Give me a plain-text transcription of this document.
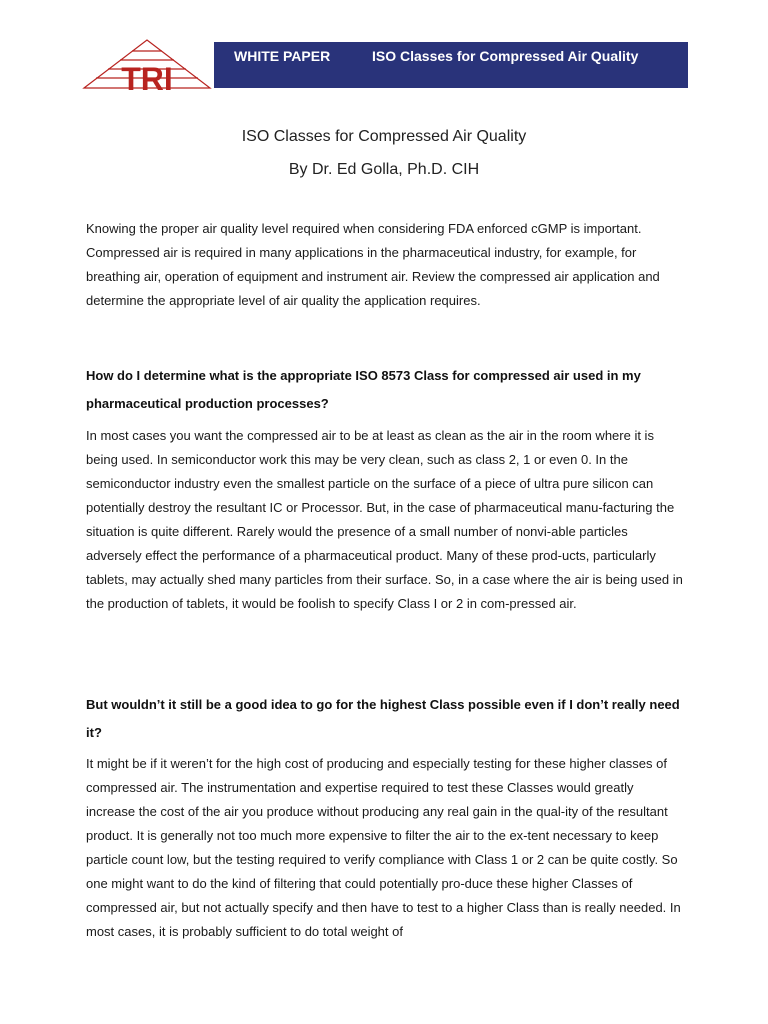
TRI
WHITE PAPER	ISO Classes for Compressed Air Quality
ISO Classes for Compressed Air Quality
By Dr. Ed Golla, Ph.D. CIH

Knowing the proper air quality level required when considering FDA enforced cGMP is important. Compressed air is required in many applications in the pharmaceutical industry, for example, for breathing air, operation of equipment and instrument air. Review the compressed air application and determine the appropriate level of air quality the application requires.

How do I determine what is the appropriate ISO 8573 Class for compressed air used in my pharmaceutical production processes?

In most cases you want the compressed air to be at least as clean as the air in the room where it is being used. In semiconductor work this may be very clean, such as class 2, 1 or even 0. In the semiconductor industry even the smallest particle on the surface of a piece of ultra pure silicon can potentially destroy the resultant IC or Processor. But, in the case of pharmaceutical manu-facturing the situation is quite different. Rarely would the presence of a small number of nonvi-able particles adversely effect the performance of a pharmaceutical product. Many of these prod-ucts, particularly tablets, may actually shed many particles from their surface. So, in a case where the air is being used in the production of tablets, it would be foolish to specify Class I or 2 in com-pressed air.

But wouldn’t it still be a good idea to go for the highest Class possible even if I don’t really need it?

It might be if it weren’t for the high cost of producing and especially testing for these higher classes of compressed air. The instrumentation and expertise required to test these Classes would greatly increase the cost of the air you produce without producing any real gain in the qual-ity of the resultant product. It is generally not too much more expensive to filter the air to the ex-tent necessary to keep particle count low, but the testing required to verify compliance with Class 1 or 2 can be quite costly. So one might want to do the kind of filtering that could potentially pro-duce these higher Classes of compressed air, but not actually specify and then have to test to a higher Class than is really needed. In most cases, it is probably sufficient to do total weight of
